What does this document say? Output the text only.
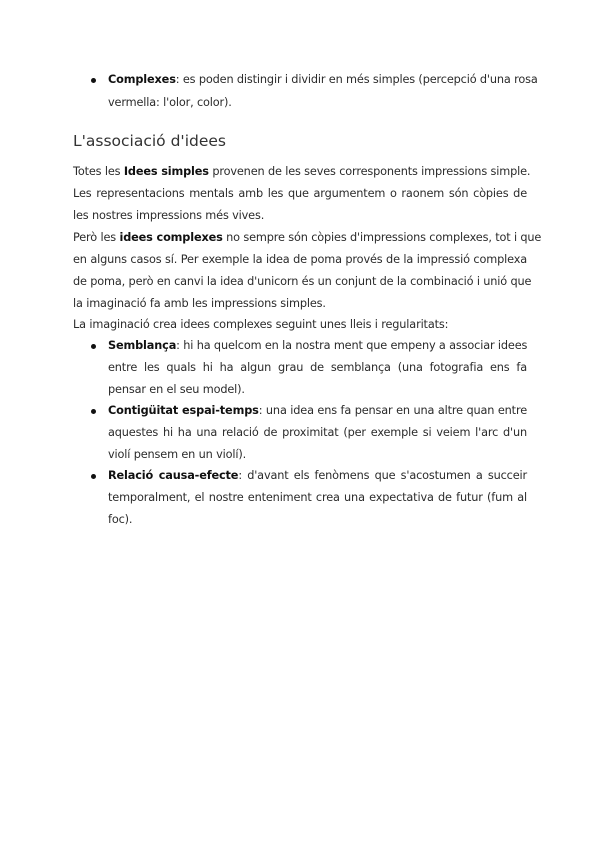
Complexes: es poden distingir i dividir en més simples (percepció d'una rosa
vermella: l'olor, color).
L'associació d'idees
Totes les Idees simples provenen de les seves corresponents impressions simple.
Les representacions mentals amb les que argumentem o raonem són còpies de
les nostres impressions més vives.
Però les idees complexes no sempre són còpies d'impressions complexes, tot i que
en alguns casos sí. Per exemple la idea de poma provés de la impressió complexa
de poma, però en canvi la idea d'unicorn és un conjunt de la combinació i unió que
la imaginació fa amb les impressions simples.
La imaginació crea idees complexes seguint unes lleis i regularitats:
Semblança: hi ha quelcom en la nostra ment que empeny a associar idees
entre les quals hi ha algun grau de semblança (una fotografia ens fa
pensar en el seu model).
Contigüitat espai-temps: una idea ens fa pensar en una altre quan entre
aquestes hi ha una relació de proximitat (per exemple si veiem l'arc d'un
violí pensem en un violí).
Relació causa-efecte: d'avant els fenòmens que s'acostumen a succeir
temporalment, el nostre enteniment crea una expectativa de futur (fum al
foc).
